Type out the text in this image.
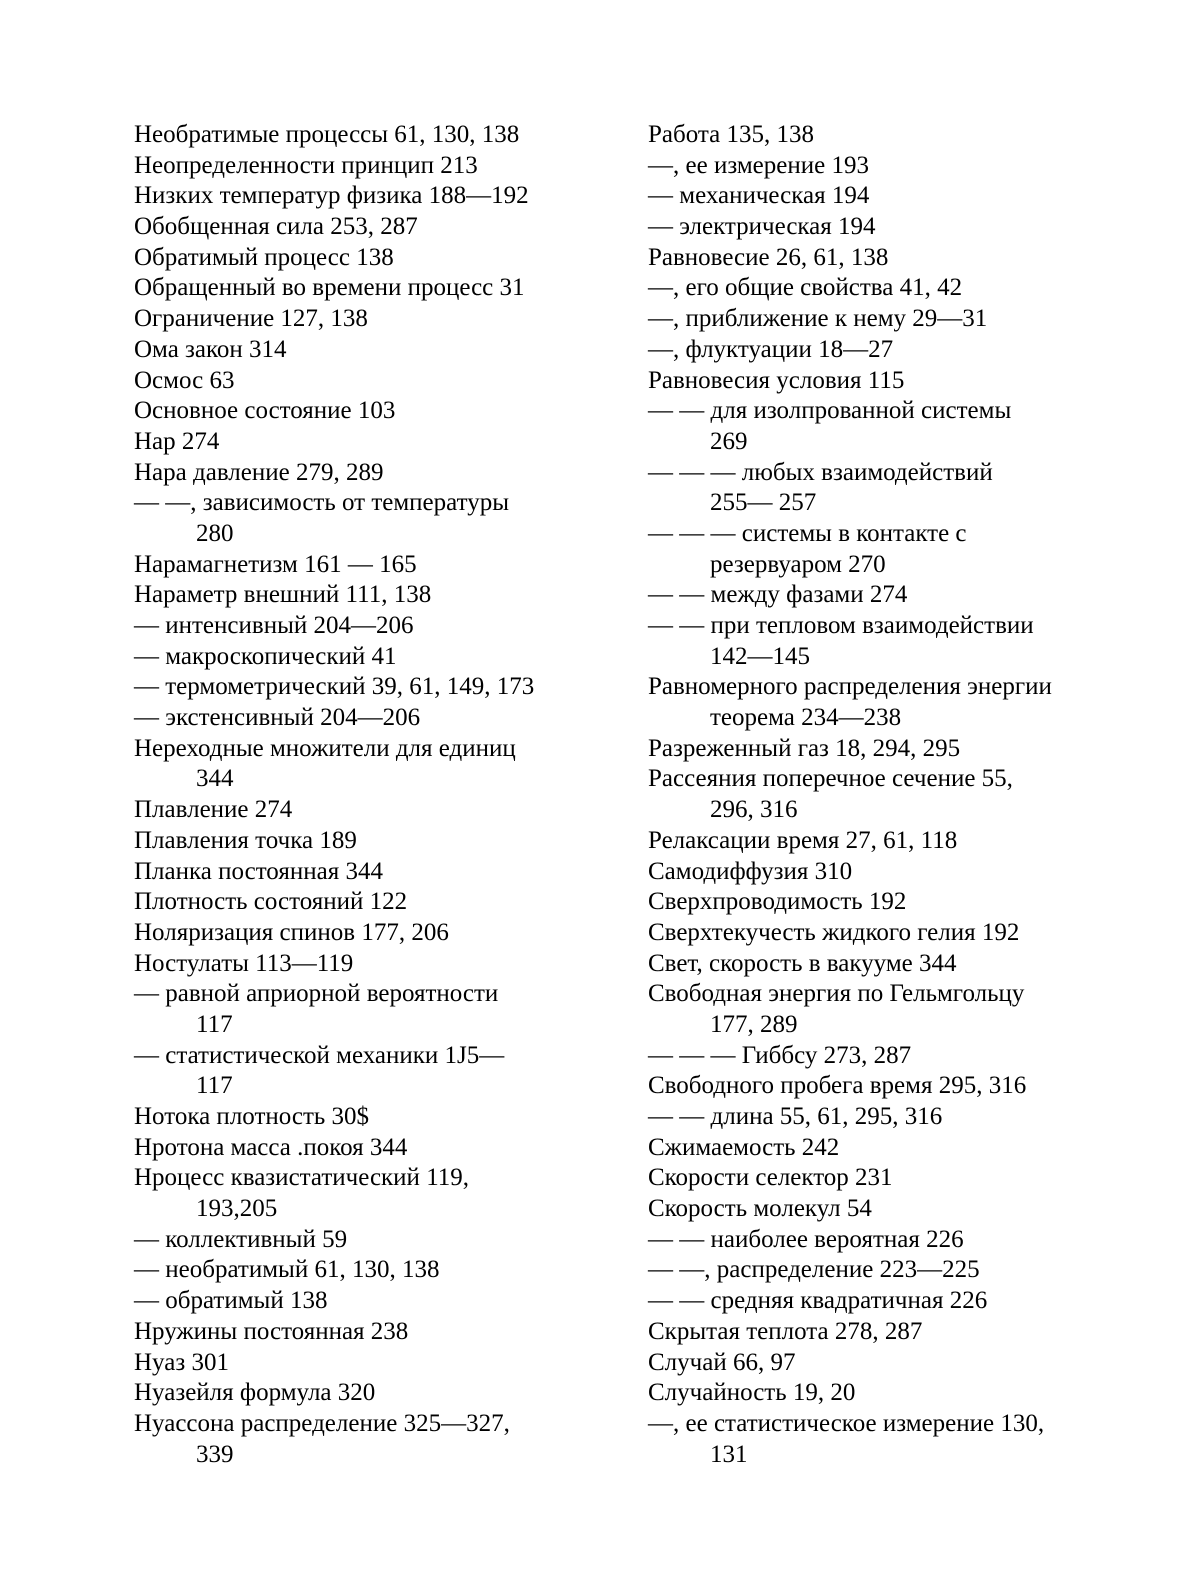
Необратимые процессы 61, 130, 138
Неопределенности принцип 213
Низких температур физика 188—192
Обобщенная сила 253, 287
Обратимый процесс 138
Обращенный во времени процесс 31
Ограничение 127, 138
Ома закон 314
Осмос 63
Основное состояние 103
Нар 274
Нара давление 279, 289
— —, зависимость от температуры
280
Нарамагнетизм 161 — 165
Нараметр внешний 111, 138
— интенсивный 204—206
— макроскопический 41
— термометрический 39, 61, 149, 173
— экстенсивный 204—206
Нереходные множители для единиц
344
Плавление 274
Плавления точка 189
Планка постоянная 344
Плотность состояний 122
Ноляризация спинов 177, 206
Ностулаты 113—119
— равной априорной вероятности
117
— статистической механики 1J5—
117
Нотока плотность 30$
Нротона масса .покоя 344
Нроцесс квазистатический 119,
193,205
— коллективный 59
— необратимый 61, 130, 138
— обратимый 138
Нружины постоянная 238
Нуаз 301
Нуазейля формула 320
Нуассона распределение 325—327,
339
Работа 135, 138
—, ее измерение 193
— механическая 194
— электрическая 194
Равновесие 26, 61, 138
—, его общие свойства 41, 42
—, приближение к нему 29—31
—, флуктуации 18—27
Равновесия условия 115
— — для изолпрованной системы
269
— — — любых взаимодействий
255— 257
— — — системы в контакте с
резервуаром 270
— — между фазами 274
— — при тепловом взаимодействии
142—145
Равномерного распределения энергии
теорема 234—238
Разреженный газ 18, 294, 295
Рассеяния поперечное сечение 55,
296, 316
Релаксации время 27, 61, 118
Самодиффузия 310
Сверхпроводимость 192
Сверхтекучесть жидкого гелия 192
Свет, скорость в вакууме 344
Свободная энергия по Гельмгольцу
177, 289
— — — Гиббсу 273, 287
Свободного пробега время 295, 316
— — длина 55, 61, 295, 316
Сжимаемость 242
Скорости селектор 231
Скорость молекул 54
— — наиболее вероятная 226
— —, распределение 223—225
— — средняя квадратичная 226
Скрытая теплота 278, 287
Случай 66, 97
Случайность 19, 20
—, ее статистическое измерение 130,
131
